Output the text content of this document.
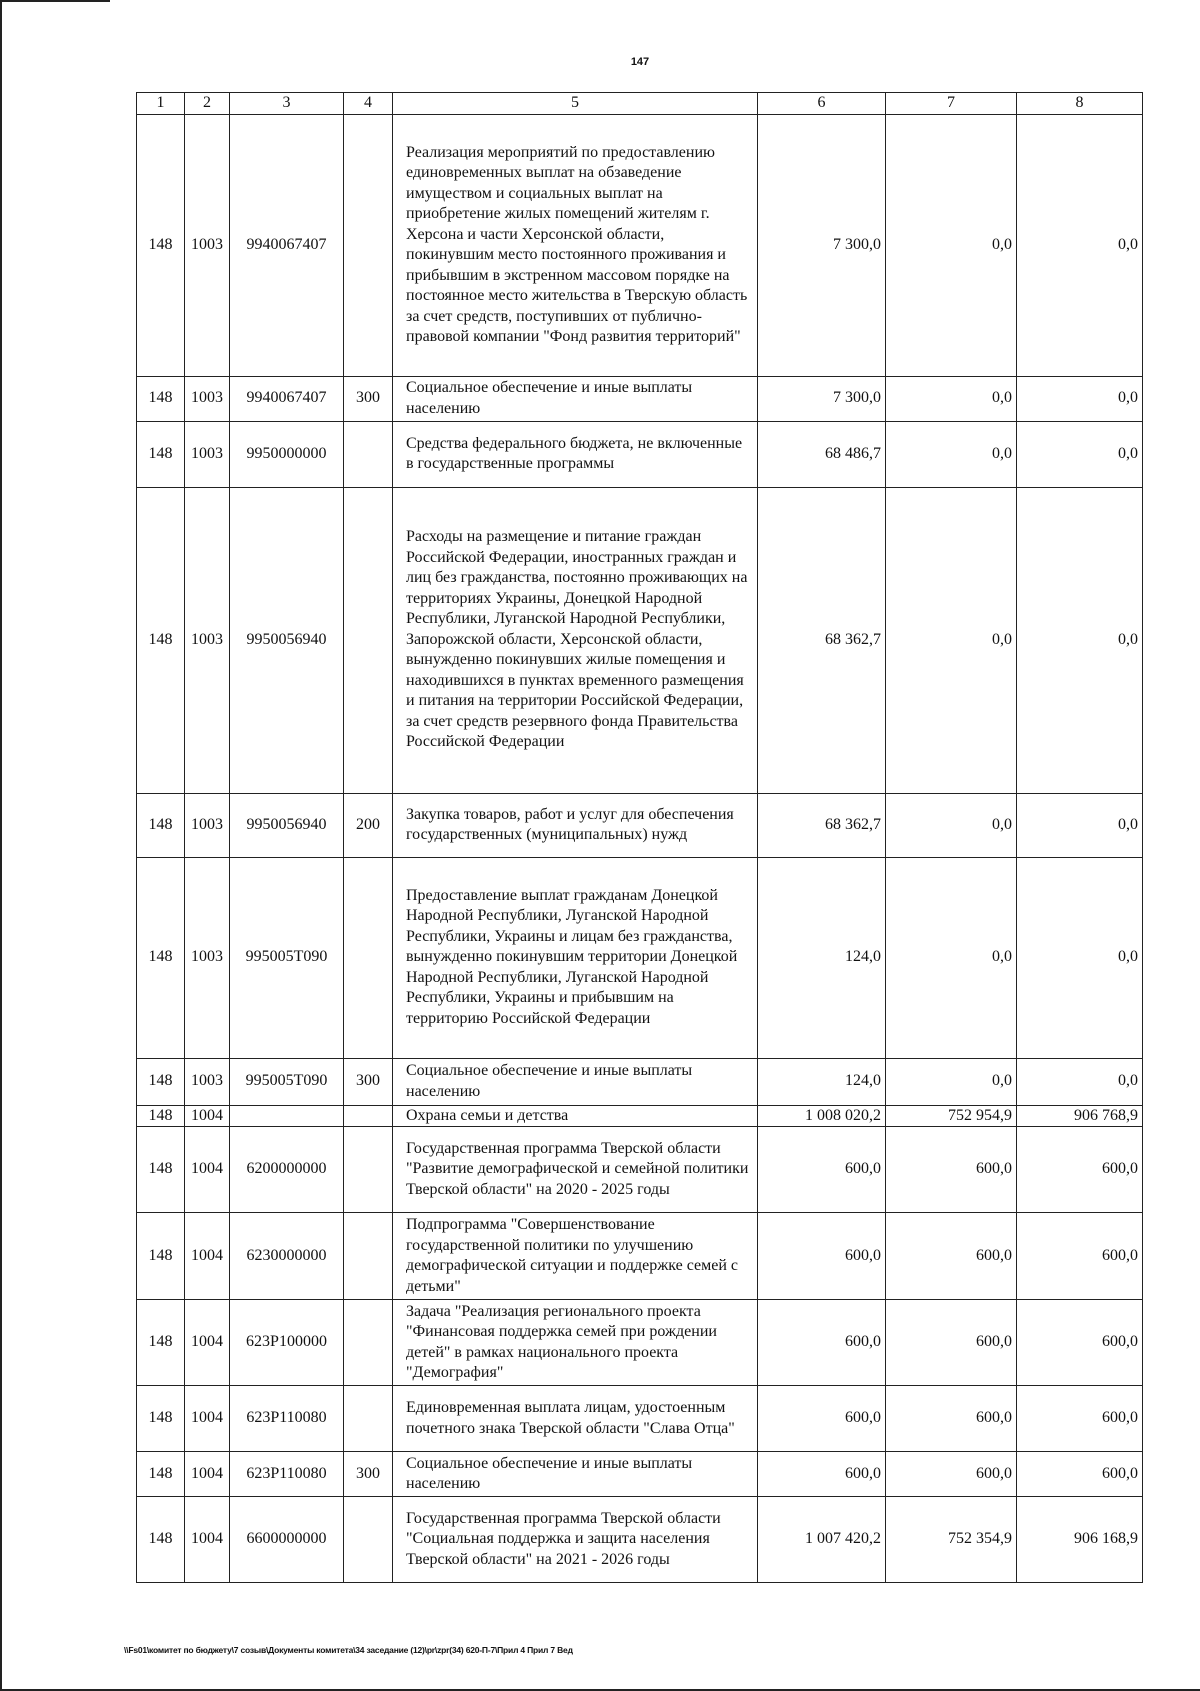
147
1	2	3	4	5	6	7	8
148	1003	9940067407		Реализация мероприятий по предоставлению единовременных выплат на обзаведение имуществом и социальных выплат на приобретение жилых помещений жителям г. Херсона и части Херсонской области, покинувшим место постоянного проживания и прибывшим в экстренном массовом порядке на постоянное место жительства в Тверскую область за счет средств, поступивших от публично-правовой компании "Фонд развития территорий"	7 300,0	0,0	0,0
148	1003	9940067407	300	Социальное обеспечение и иные выплаты населению	7 300,0	0,0	0,0
148	1003	9950000000		Средства федерального бюджета, не включенные в государственные программы	68 486,7	0,0	0,0
148	1003	9950056940		Расходы на размещение и питание граждан Российской Федерации, иностранных граждан и лиц без гражданства, постоянно проживающих на территориях Украины, Донецкой Народной Республики, Луганской Народной Республики, Запорожской области, Херсонской области, вынужденно покинувших жилые помещения и находившихся в пунктах временного размещения и питания на территории Российской Федерации, за счет средств резервного фонда Правительства Российской Федерации	68 362,7	0,0	0,0
148	1003	9950056940	200	Закупка товаров, работ и услуг для обеспечения государственных (муниципальных) нужд	68 362,7	0,0	0,0
148	1003	995005Т090		Предоставление выплат гражданам Донецкой Народной Республики, Луганской Народной Республики, Украины и лицам без гражданства, вынужденно покинувшим территории Донецкой Народной Республики, Луганской Народной Республики, Украины и прибывшим на территорию Российской Федерации	124,0	0,0	0,0
148	1003	995005Т090	300	Социальное обеспечение и иные выплаты населению	124,0	0,0	0,0
148	1004			Охрана семьи и детства	1 008 020,2	752 954,9	906 768,9
148	1004	6200000000		Государственная программа Тверской области "Развитие демографической и семейной политики Тверской области" на 2020 - 2025 годы	600,0	600,0	600,0
148	1004	6230000000		Подпрограмма "Совершенствование государственной политики по улучшению демографической ситуации и поддержке семей с детьми"	600,0	600,0	600,0
148	1004	623Р100000		Задача "Реализация регионального проекта "Финансовая поддержка семей при рождении детей" в рамках национального проекта "Демография"	600,0	600,0	600,0
148	1004	623Р110080		Единовременная выплата лицам, удостоенным почетного знака Тверской области "Слава Отца"	600,0	600,0	600,0
148	1004	623Р110080	300	Социальное обеспечение и иные выплаты населению	600,0	600,0	600,0
148	1004	6600000000		Государственная программа Тверской области "Социальная поддержка и защита населения Тверской области" на 2021 - 2026 годы	1 007 420,2	752 354,9	906 168,9
\\Fs01\комитет по бюджету\7 созыв\Документы комитета\34 заседание (12)\pr\zpr(34) 620-П-7\Прил 4 Прил 7 Вед
